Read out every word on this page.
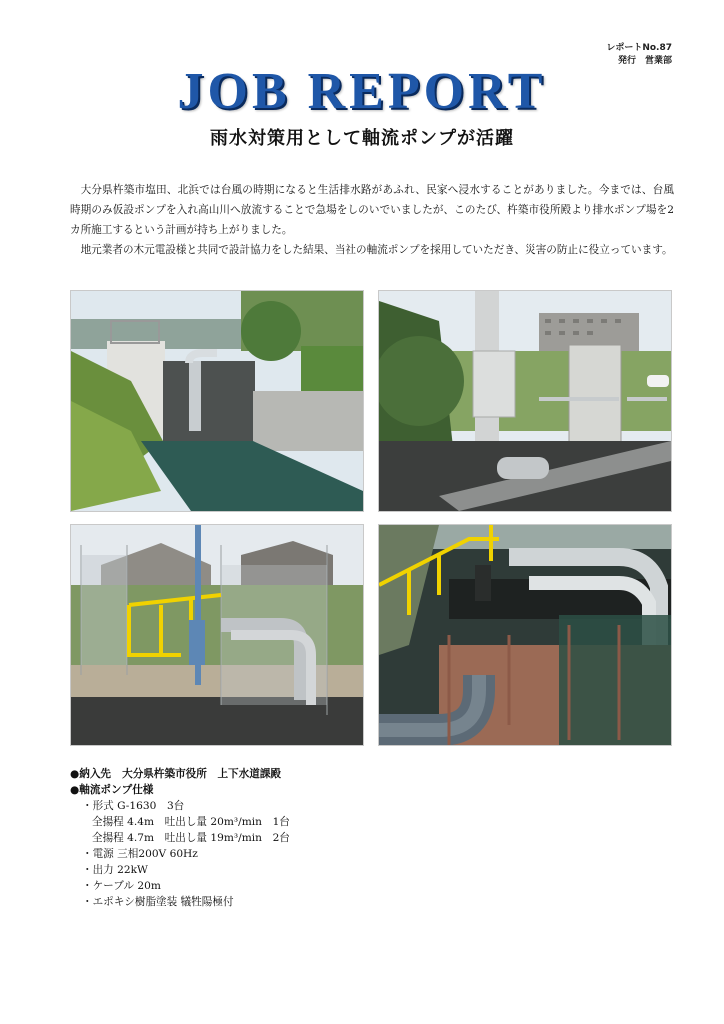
レポートNo.87
発行　営業部
JOB REPORT
雨水対策用として軸流ポンプが活躍

大分県杵築市塩田、北浜では台風の時期になると生活排水路があふれ、民家へ浸水することがありました。今までは、台風時期のみ仮設ポンプを入れ高山川へ放流することで急場をしのいでいましたが、このたび、杵築市役所殿より排水ポンプ場を2カ所施工するという計画が持ち上がりました。

地元業者の木元電設様と共同で設計協力をした結果、当社の軸流ポンプを採用していただき、災害の防止に役立っています。

●納入先 大分県杵築市役所　上下水道課殿
●軸流ポンプ仕様
・形式 G-1630　3台
全揚程 4.4m　吐出し量 20m³/min　1台
全揚程 4.7m　吐出し量 19m³/min　2台
・電源 三相200V 60Hz
・出力 22kW
・ケーブル 20m
・エポキシ樹脂塗装 犠牲陽極付
